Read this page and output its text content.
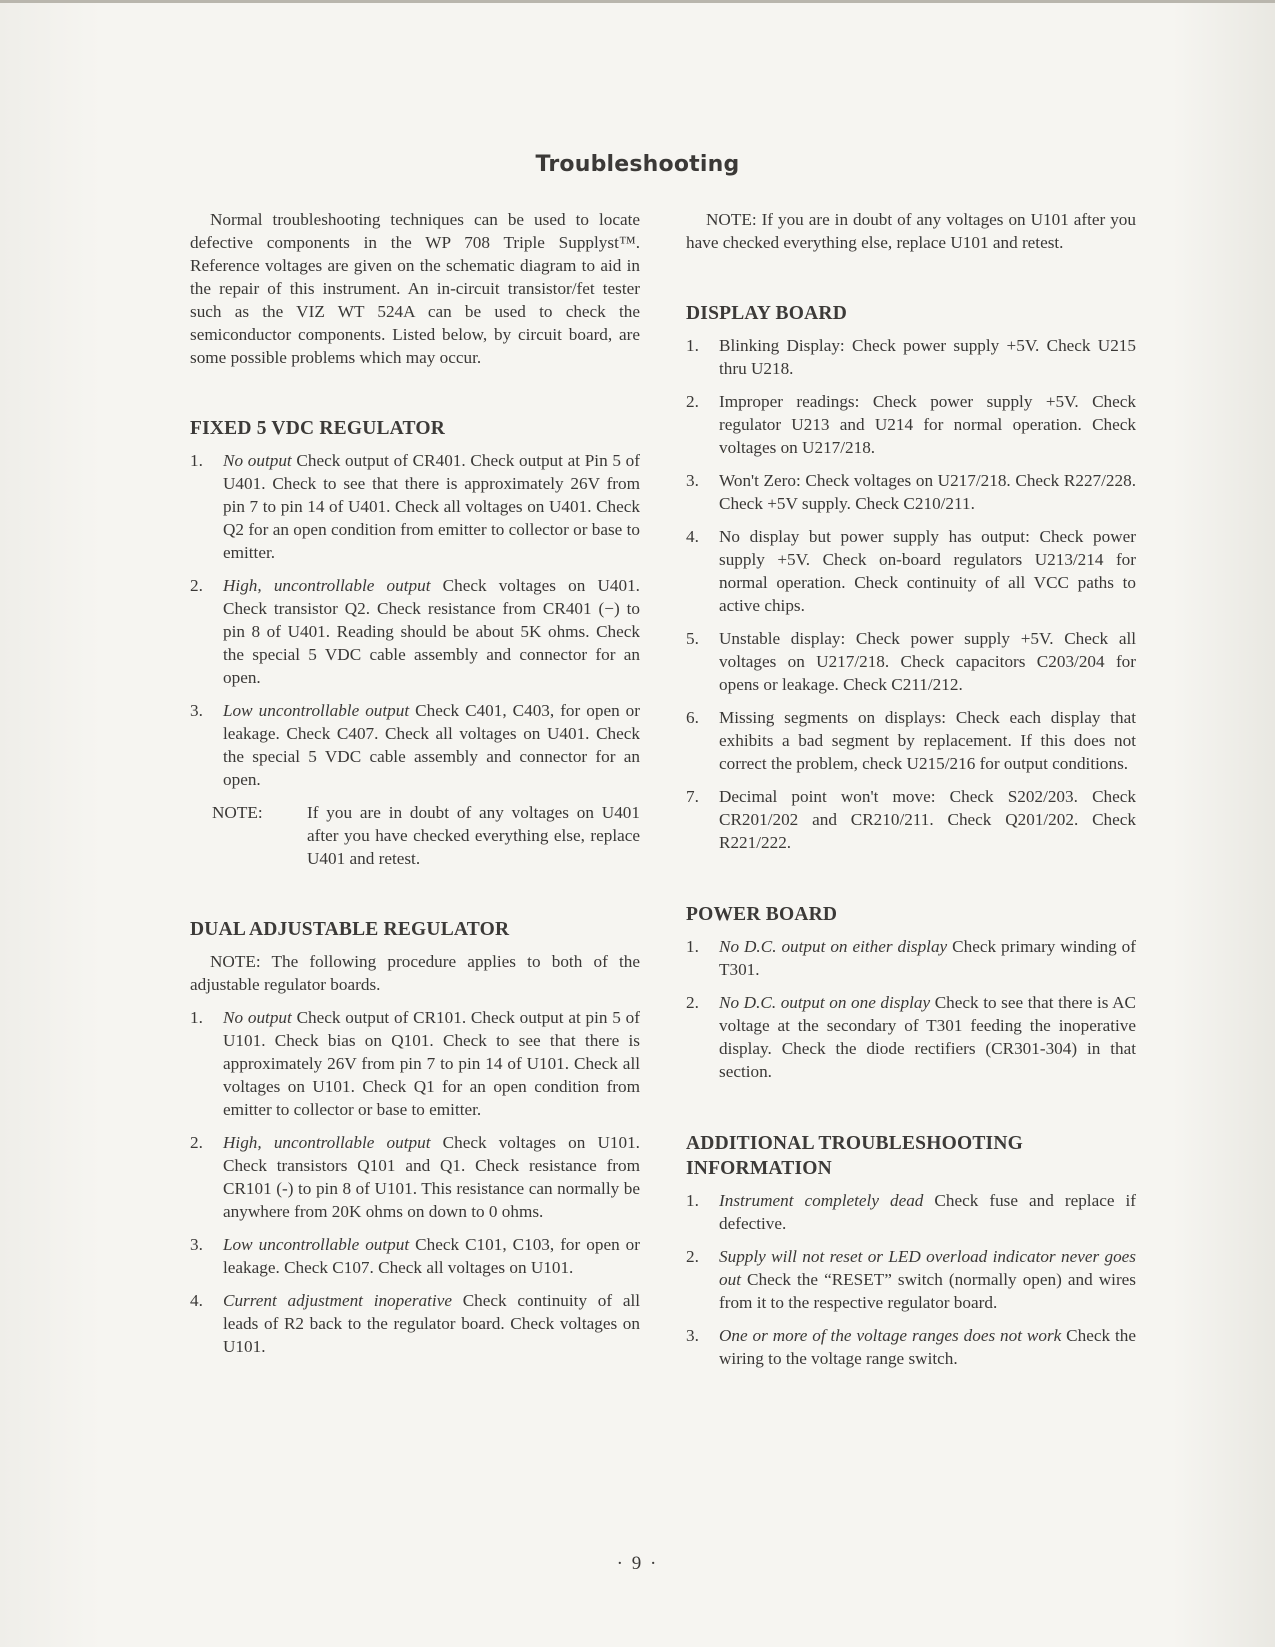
Troubleshooting

Normal troubleshooting techniques can be used to locate defective components in the WP 708 Triple Supplyst™. Reference voltages are given on the schematic diagram to aid in the repair of this instrument. An in-circuit transistor/fet tester such as the VIZ WT 524A can be used to check the semiconductor components. Listed below, by circuit board, are some possible problems which may occur.

FIXED 5 VDC REGULATOR
1. No output Check output of CR401. Check output at Pin 5 of U401. Check to see that there is approximately 26V from pin 7 to pin 14 of U401. Check all voltages on U401. Check Q2 for an open condition from emitter to collector or base to emitter.
2. High, uncontrollable output Check voltages on U401. Check transistor Q2. Check resistance from CR401 (−) to pin 8 of U401. Reading should be about 5K ohms. Check the special 5 VDC cable assembly and connector for an open.
3. Low uncontrollable output Check C401, C403, for open or leakage. Check C407. Check all voltages on U401. Check the special 5 VDC cable assembly and connector for an open.
NOTE:	If you are in doubt of any voltages on U401 after you have checked everything else, replace U401 and retest.
DUAL ADJUSTABLE REGULATOR

NOTE: The following procedure applies to both of the adjustable regulator boards.

1. No output Check output of CR101. Check output at pin 5 of U101. Check bias on Q101. Check to see that there is approximately 26V from pin 7 to pin 14 of U101. Check all voltages on U101. Check Q1 for an open condition from emitter to collector or base to emitter.
2. High, uncontrollable output Check voltages on U101. Check transistors Q101 and Q1. Check resistance from CR101 (-) to pin 8 of U101. This resistance can normally be anywhere from 20K ohms on down to 0 ohms.
3. Low uncontrollable output Check C101, C103, for open or leakage. Check C107. Check all voltages on U101.
4. Current adjustment inoperative Check continuity of all leads of R2 back to the regulator board. Check voltages on U101.

NOTE: If you are in doubt of any voltages on U101 after you have checked everything else, replace U101 and retest.

DISPLAY BOARD
1. Blinking Display: Check power supply +5V. Check U215 thru U218.
2. Improper readings: Check power supply +5V. Check regulator U213 and U214 for normal operation. Check voltages on U217/218.
3. Won't Zero: Check voltages on U217/218. Check R227/228. Check +5V supply. Check C210/211.
4. No display but power supply has output: Check power supply +5V. Check on-board regulators U213/214 for normal operation. Check continuity of all VCC paths to active chips.
5. Unstable display: Check power supply +5V. Check all voltages on U217/218. Check capacitors C203/204 for opens or leakage. Check C211/212.
6. Missing segments on displays: Check each display that exhibits a bad segment by replacement. If this does not correct the problem, check U215/216 for output conditions.
7. Decimal point won't move: Check S202/203. Check CR201/202 and CR210/211. Check Q201/202. Check R221/222.
POWER BOARD
1. No D.C. output on either display Check primary winding of T301.
2. No D.C. output on one display Check to see that there is AC voltage at the secondary of T301 feeding the inoperative display. Check the diode rectifiers (CR301-304) in that section.
ADDITIONAL TROUBLESHOOTING INFORMATION
1. Instrument completely dead Check fuse and replace if defective.
2. Supply will not reset or LED overload indicator never goes out Check the “RESET” switch (normally open) and wires from it to the respective regulator board.
3. One or more of the voltage ranges does not work Check the wiring to the voltage range switch.
· 9 ·
